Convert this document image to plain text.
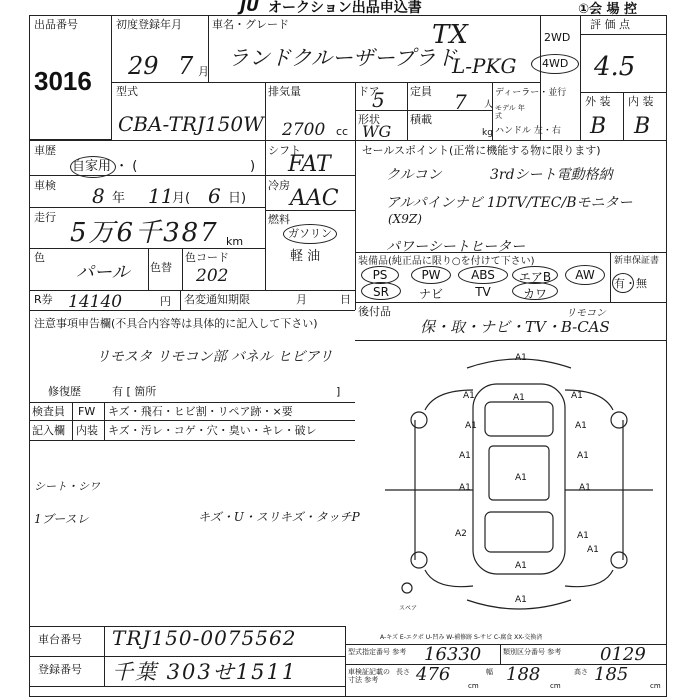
JU オークション出品申込書	①会 場 控
出品番号
3016
初度登録年月
29 7 月
車名・グレード
ランドクルーザープラド
TX
L-PKG
2WD
4WD
評 価 点
4.5
外 装 内 装
B B
型式
CBA-TRJ150W
排気量
2700 cc
ドア
5
形状
WG
定員 7 人
積載
kg
ディーラー・並行
モデル 年式
ハンドル 左・右
車歴
自家用 ・ (	)
車検 8 年 11
月( 6 日)
走行
5万6千387 km
色
パール 色替
色コード
202
シフト
FAT
冷房
AAC
燃料
ガソリン
軽 油
R券 14140	円 名変通知期限	月	日
セールスポイント(正常に機能する物に限ります)
クルコン	3rdシート電動格納
アルパインナビ 1DTV/TEC/Bモニター
(X9Z)
パワーシートヒーター
装備品(純正品に限り○を付けて下さい)	新車保証書
有・無
PS	PW	ABS	エアB	AW
SR	ナビ	TV	カワ
後付品	リモコン
保・取・ナビ・TV・B-CAS
注意事項申告欄(不具合内容等は具体的に記入して下さい)
リモスタ リモコン部 バネル ヒビアリ
修復歴	有 [ 箇所	]
検査員
記入欄
FW キズ・飛石・ヒビ割・リペア跡・×要
内装 キズ・汚レ・コゲ・穴・臭い・キレ・破レ
シート・シワ
1ブースレ	キズ・U・スリキズ・タッチP
A1
A1	A1	A1
A1	A1
A1	A1
A1
A1	A1
A2	A1
A1
A1
A1
スペア
A-キズ E-エクボ U-凹み W-補修跡 S-サビ C-腐食 XX-交換済
車台番号 TRJ150-0075562
登録番号 千葉 303せ1511
型式指定番号 参考 16330	類別区分番号 参考 0129
車検証記載の寸法 参考
長さ 476
cm
幅 188
cm
高さ 185
cm
